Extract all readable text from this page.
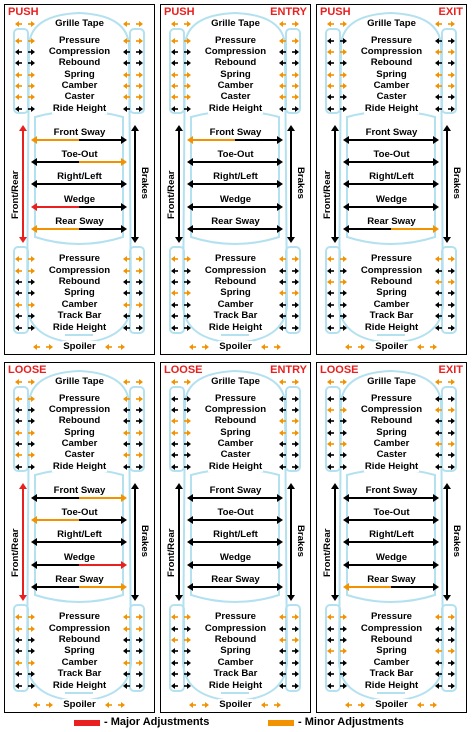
PUSH
Grille Tape
Pressure
Compression
Rebound
Spring
Camber
Caster
Ride Height
Front Sway
Toe-Out
Right/Left
Wedge
Rear Sway
Pressure
Compression
Rebound
Spring
Camber
Track Bar
Ride Height
Spoiler
Front/Rear	Brakes
PUSH	ENTRY
Grille Tape
Pressure
Compression
Rebound
Spring
Camber
Caster
Ride Height
Front Sway
Toe-Out
Right/Left
Wedge
Rear Sway
Pressure
Compression
Rebound
Spring
Camber
Track Bar
Ride Height
Spoiler
Front/Rear	Brakes
PUSH	EXIT
Grille Tape
Pressure
Compression
Rebound
Spring
Camber
Caster
Ride Height
Front Sway
Toe-Out
Right/Left
Wedge
Rear Sway
Pressure
Compression
Rebound
Spring
Camber
Track Bar
Ride Height
Spoiler
Front/Rear	Brakes
LOOSE
Grille Tape
Pressure
Compression
Rebound
Spring
Camber
Caster
Ride Height
Front Sway
Toe-Out
Right/Left
Wedge
Rear Sway
Pressure
Compression
Rebound
Spring
Camber
Track Bar
Ride Height
Spoiler
Front/Rear	Brakes
LOOSE	ENTRY
Grille Tape
Pressure
Compression
Rebound
Spring
Camber
Caster
Ride Height
Front Sway
Toe-Out
Right/Left
Wedge
Rear Sway
Pressure
Compression
Rebound
Spring
Camber
Track Bar
Ride Height
Spoiler
Front/Rear	Brakes
LOOSE	EXIT
Grille Tape
Pressure
Compression
Rebound
Spring
Camber
Caster
Ride Height
Front Sway
Toe-Out
Right/Left
Wedge
Rear Sway
Pressure
Compression
Rebound
Spring
Camber
Track Bar
Ride Height
Spoiler
Front/Rear	Brakes
- Major Adjustments	- Minor Adjustments
